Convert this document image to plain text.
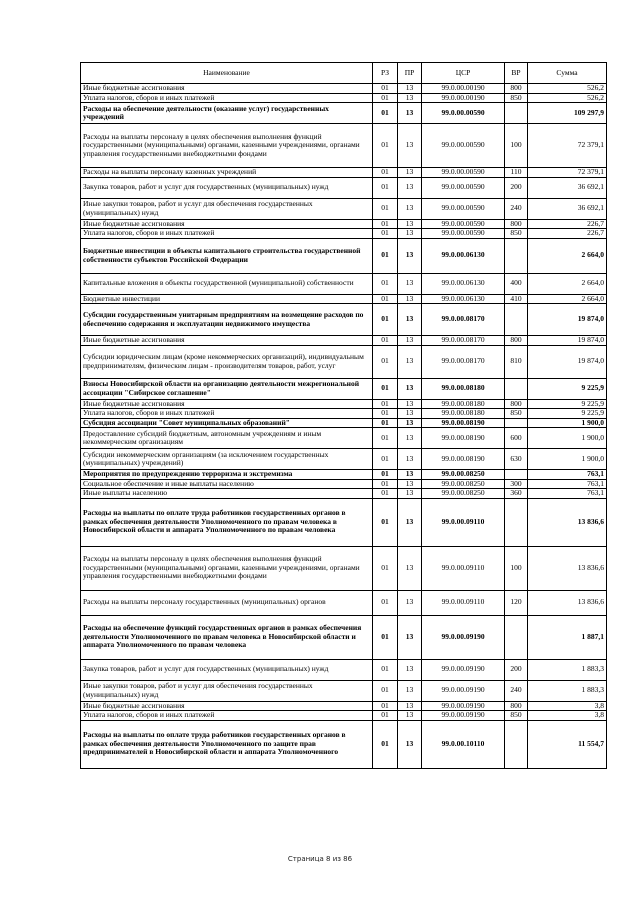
Наименование	РЗ	ПР	ЦСР	ВР	Сумма
Иные бюджетные ассигнования	01	13	99.0.00.00190	800	526,2
Уплата налогов, сборов и иных платежей	01	13	99.0.00.00190	850	526,2
Расходы на обеспечение деятельности (оказание услуг) государственных учреждений	01	13	99.0.00.00590		109 297,9
Расходы на выплаты персоналу в целях обеспечения выполнения функций государственными (муниципальными) органами, казенными учреждениями, органами управления государственными внебюджетными фондами	01	13	99.0.00.00590	100	72 379,1
Расходы на выплаты персоналу казенных учреждений	01	13	99.0.00.00590	110	72 379,1
Закупка товаров, работ и услуг для государственных (муниципальных) нужд	01	13	99.0.00.00590	200	36 692,1
Иные закупки товаров, работ и услуг для обеспечения государственных (муниципальных) нужд	01	13	99.0.00.00590	240	36 692,1
Иные бюджетные ассигнования	01	13	99.0.00.00590	800	226,7
Уплата налогов, сборов и иных платежей	01	13	99.0.00.00590	850	226,7
Бюджетные инвестиции в объекты капитального строительства государственной собственности субъектов Российской Федерации	01	13	99.0.00.06130		2 664,0
Капитальные вложения в объекты государственной (муниципальной) собственности	01	13	99.0.00.06130	400	2 664,0
Бюджетные инвестиции	01	13	99.0.00.06130	410	2 664,0
Субсидии государственным унитарным предприятиям на возмещение расходов по обеспечению содержания и эксплуатации недвижимого имущества	01	13	99.0.00.08170		19 874,0
Иные бюджетные ассигнования	01	13	99.0.00.08170	800	19 874,0
Субсидии юридическим лицам (кроме некоммерческих организаций), индивидуальным предпринимателям, физическим лицам - производителям товаров, работ, услуг	01	13	99.0.00.08170	810	19 874,0
Взносы Новосибирской области на организацию деятельности межрегиональной ассоциации "Сибирское соглашение"	01	13	99.0.00.08180		9 225,9
Иные бюджетные ассигнования	01	13	99.0.00.08180	800	9 225,9
Уплата налогов, сборов и иных платежей	01	13	99.0.00.08180	850	9 225,9
Субсидия ассоциации "Совет муниципальных образований"	01	13	99.0.00.08190		1 900,0
Предоставление субсидий бюджетным, автономным учреждениям и иным некоммерческим организациям	01	13	99.0.00.08190	600	1 900,0
Субсидии некоммерческим организациям (за исключением государственных (муниципальных) учреждений)	01	13	99.0.00.08190	630	1 900,0
Мероприятия по предупреждению терроризма и экстремизма	01	13	99.0.00.08250		763,1
Социальное обеспечение и иные выплаты населению	01	13	99.0.00.08250	300	763,1
Иные выплаты населению	01	13	99.0.00.08250	360	763,1
Расходы на выплаты по оплате труда работников государственных органов в рамках обеспечения деятельности Уполномоченного по правам человека в Новосибирской области и аппарата Уполномоченного по правам человека	01	13	99.0.00.09110		13 836,6
Расходы на выплаты персоналу в целях обеспечения выполнения функций государственными (муниципальными) органами, казенными учреждениями, органами управления государственными внебюджетными фондами	01	13	99.0.00.09110	100	13 836,6
Расходы на выплаты персоналу государственных (муниципальных) органов	01	13	99.0.00.09110	120	13 836,6
Расходы на обеспечение функций государственных органов в рамках обеспечения деятельности Уполномоченного по правам человека в Новосибирской области и аппарата Уполномоченного по правам человека	01	13	99.0.00.09190		1 887,1
Закупка товаров, работ и услуг для государственных (муниципальных) нужд	01	13	99.0.00.09190	200	1 883,3
Иные закупки товаров, работ и услуг для обеспечения государственных (муниципальных) нужд	01	13	99.0.00.09190	240	1 883,3
Иные бюджетные ассигнования	01	13	99.0.00.09190	800	3,8
Уплата налогов, сборов и иных платежей	01	13	99.0.00.09190	850	3,8
Расходы на выплаты по оплате труда работников государственных органов в рамках обеспечения деятельности Уполномоченного по защите прав предпринимателей в Новосибирской области и аппарата Уполномоченного	01	13	99.0.00.10110		11 554,7
Страница 8 из 86
